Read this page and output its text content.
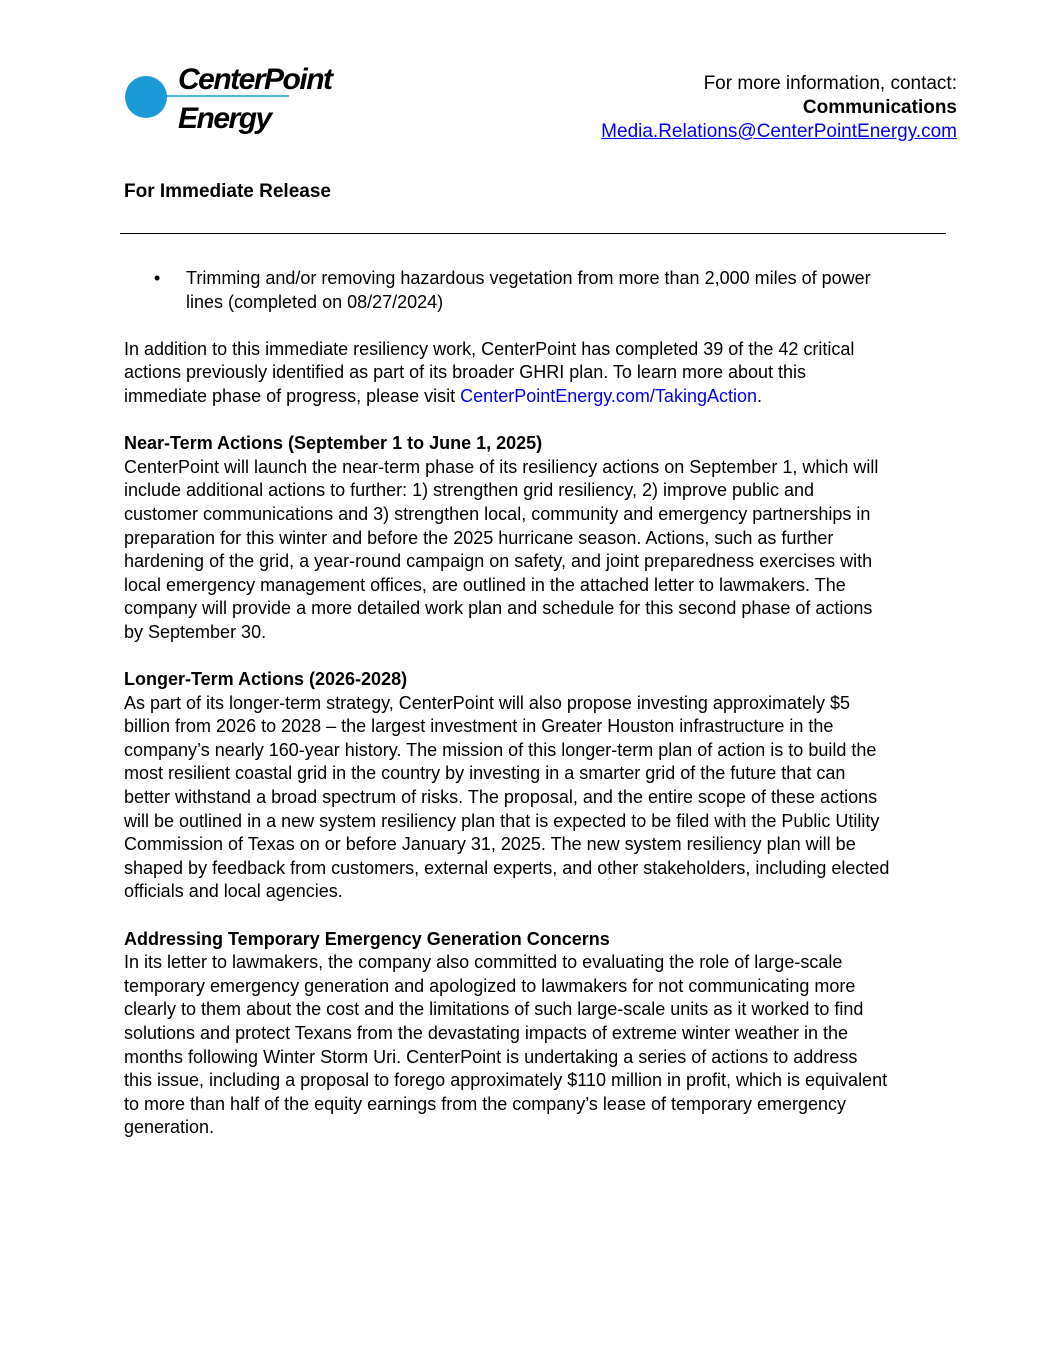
CenterPoint
Energy
For more information, contact:
Communications
Media.Relations@CenterPointEnergy.com
For Immediate Release
• Trimming and/or removing hazardous vegetation from more than 2,000 miles of power
lines (completed on 08/27/2024)

In addition to this immediate resiliency work, CenterPoint has completed 39 of the 42 critical
actions previously identified as part of its broader GHRI plan. To learn more about this
immediate phase of progress, please visit CenterPointEnergy.com/TakingAction.

Near-Term Actions (September 1 to June 1, 2025)
CenterPoint will launch the near-term phase of its resiliency actions on September 1, which will
include additional actions to further: 1) strengthen grid resiliency, 2) improve public and
customer communications and 3) strengthen local, community and emergency partnerships in
preparation for this winter and before the 2025 hurricane season. Actions, such as further
hardening of the grid, a year-round campaign on safety, and joint preparedness exercises with
local emergency management offices, are outlined in the attached letter to lawmakers. The
company will provide a more detailed work plan and schedule for this second phase of actions
by September 30.

Longer-Term Actions (2026-2028)
As part of its longer-term strategy, CenterPoint will also propose investing approximately $5
billion from 2026 to 2028 – the largest investment in Greater Houston infrastructure in the
company’s nearly 160-year history. The mission of this longer-term plan of action is to build the
most resilient coastal grid in the country by investing in a smarter grid of the future that can
better withstand a broad spectrum of risks. The proposal, and the entire scope of these actions
will be outlined in a new system resiliency plan that is expected to be filed with the Public Utility
Commission of Texas on or before January 31, 2025. The new system resiliency plan will be
shaped by feedback from customers, external experts, and other stakeholders, including elected
officials and local agencies.

Addressing Temporary Emergency Generation Concerns
In its letter to lawmakers, the company also committed to evaluating the role of large-scale
temporary emergency generation and apologized to lawmakers for not communicating more
clearly to them about the cost and the limitations of such large-scale units as it worked to find
solutions and protect Texans from the devastating impacts of extreme winter weather in the
months following Winter Storm Uri. CenterPoint is undertaking a series of actions to address
this issue, including a proposal to forego approximately $110 million in profit, which is equivalent
to more than half of the equity earnings from the company’s lease of temporary emergency
generation.
